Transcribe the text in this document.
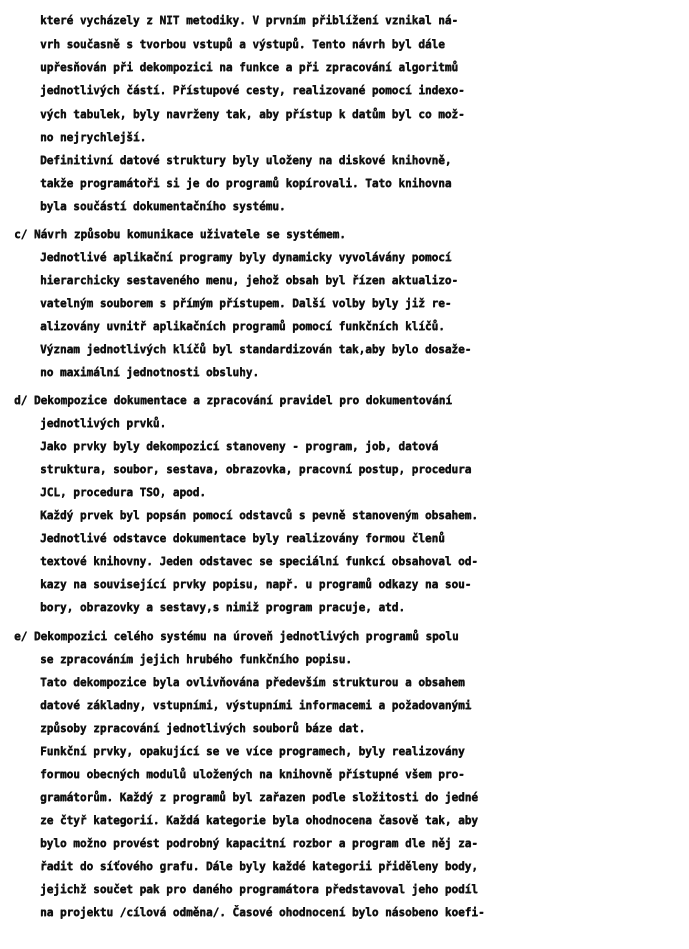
které vycházely z NIT metodiky. V prvním přiblížení vznikal ná-
vrh současně s tvorbou vstupů a výstupů. Tento návrh byl dále
upřesňován při dekompozici na funkce a při zpracování algoritmů
jednotlivých částí. Přístupové cesty, realizované pomocí indexo-
vých tabulek, byly navrženy tak, aby přístup k datům byl co mož-
no nejrychlejší.
Definitivní datové struktury byly uloženy na diskové knihovně,
takže programátoři si je do programů kopírovali. Tato knihovna
byla součástí dokumentačního systému.
c/ Návrh způsobu komunikace uživatele se systémem.
Jednotlivé aplikační programy byly dynamicky vyvolávány pomocí
hierarchicky sestaveného menu, jehož obsah byl řízen aktualizo-
vatelným souborem s přímým přístupem. Další volby byly již re-
alizovány uvnitř aplikačních programů pomocí funkčních klíčů.
Význam jednotlivých klíčů byl standardizován tak,aby bylo dosaže-
no maximální jednotnosti obsluhy.
d/ Dekompozice dokumentace a zpracování pravidel pro dokumentování
jednotlivých prvků.
Jako prvky byly dekompozicí stanoveny - program, job, datová
struktura, soubor, sestava, obrazovka, pracovní postup, procedura
JCL, procedura TSO, apod.
Každý prvek byl popsán pomocí odstavců s pevně stanoveným obsahem.
Jednotlivé odstavce dokumentace byly realizovány formou členů
textové knihovny. Jeden odstavec se speciální funkcí obsahoval od-
kazy na související prvky popisu, např. u programů odkazy na sou-
bory, obrazovky a sestavy,s nimiž program pracuje, atd.
e/ Dekompozici celého systému na úroveň jednotlivých programů spolu
se zpracováním jejich hrubého funkčního popisu.
Tato dekompozice byla ovlivňována především strukturou a obsahem
datové základny, vstupními, výstupními informacemi a požadovanými
způsoby zpracování jednotlivých souborů báze dat.
Funkční prvky, opakující se ve více programech, byly realizovány
formou obecných modulů uložených na knihovně přístupné všem pro-
gramátorům. Každý z programů byl zařazen podle složitosti do jedné
ze čtyř kategorií. Každá kategorie byla ohodnocena časově tak, aby
bylo možno provést podrobný kapacitní rozbor a program dle něj za-
řadit do síťového grafu. Dále byly každé kategorii přiděleny body,
jejichž součet pak pro daného programátora představoval jeho podíl
na projektu /cílová odměna/. Časové ohodnocení bylo násobeno koefi-
